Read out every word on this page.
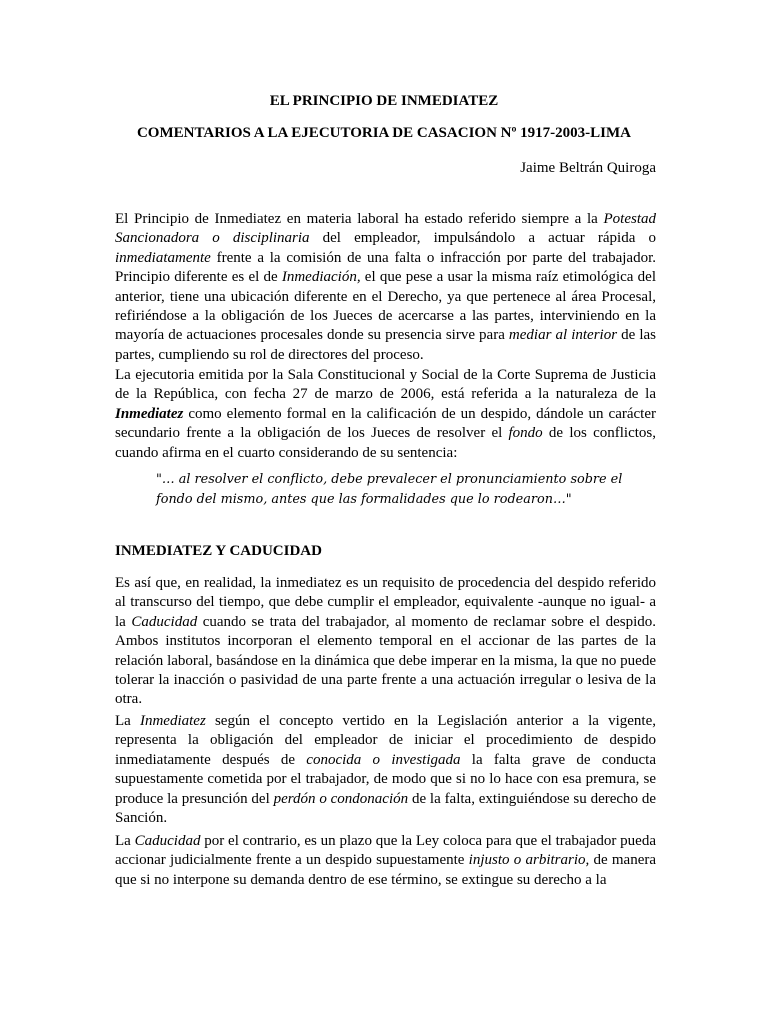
EL PRINCIPIO DE INMEDIATEZ
COMENTARIOS A LA EJECUTORIA DE CASACION Nº 1917-2003-LIMA
Jaime Beltrán Quiroga

El Principio de Inmediatez en materia laboral ha estado referido siempre a la Potestad Sancionadora o disciplinaria del empleador, impulsándolo a actuar rápida o inmediatamente frente a la comisión de una falta o infracción por parte del trabajador. Principio diferente es el de Inmediación, el que pese a usar la misma raíz etimológica del anterior, tiene una ubicación diferente en el Derecho, ya que pertenece al área Procesal, refiriéndose a la obligación de los Jueces de acercarse a las partes, interviniendo en la mayoría de actuaciones procesales donde su presencia sirve para mediar al interior de las partes, cumpliendo su rol de directores del proceso.

La ejecutoria emitida por la Sala Constitucional y Social de la Corte Suprema de Justicia de la República, con fecha 27 de marzo de 2006, está referida a la naturaleza de la Inmediatez como elemento formal en la calificación de un despido, dándole un carácter secundario frente a la obligación de los Jueces de resolver el fondo de los conflictos, cuando afirma en el cuarto considerando de su sentencia:

"… al resolver el conflicto, debe prevalecer el pronunciamiento sobre el fondo del mismo, antes que las formalidades que lo rodearon…"

INMEDIATEZ Y CADUCIDAD

Es así que, en realidad, la inmediatez es un requisito de procedencia del despido referido al transcurso del tiempo, que debe cumplir el empleador, equivalente -aunque no igual- a la Caducidad cuando se trata del trabajador, al momento de reclamar sobre el despido. Ambos institutos incorporan el elemento temporal en el accionar de las partes de la relación laboral, basándose en la dinámica que debe imperar en la misma, la que no puede tolerar la inacción o pasividad de una parte frente a una actuación irregular o lesiva de la otra.

La Inmediatez según el concepto vertido en la Legislación anterior a la vigente, representa la obligación del empleador de iniciar el procedimiento de despido inmediatamente después de conocida o investigada la falta grave de conducta supuestamente cometida por el trabajador, de modo que si no lo hace con esa premura, se produce la presunción del perdón o condonación de la falta, extinguiéndose su derecho de Sanción.

La Caducidad por el contrario, es un plazo que la Ley coloca para que el trabajador pueda accionar judicialmente frente a un despido supuestamente injusto o arbitrario, de manera que si no interpone su demanda dentro de ese término, se extingue su derecho a la
